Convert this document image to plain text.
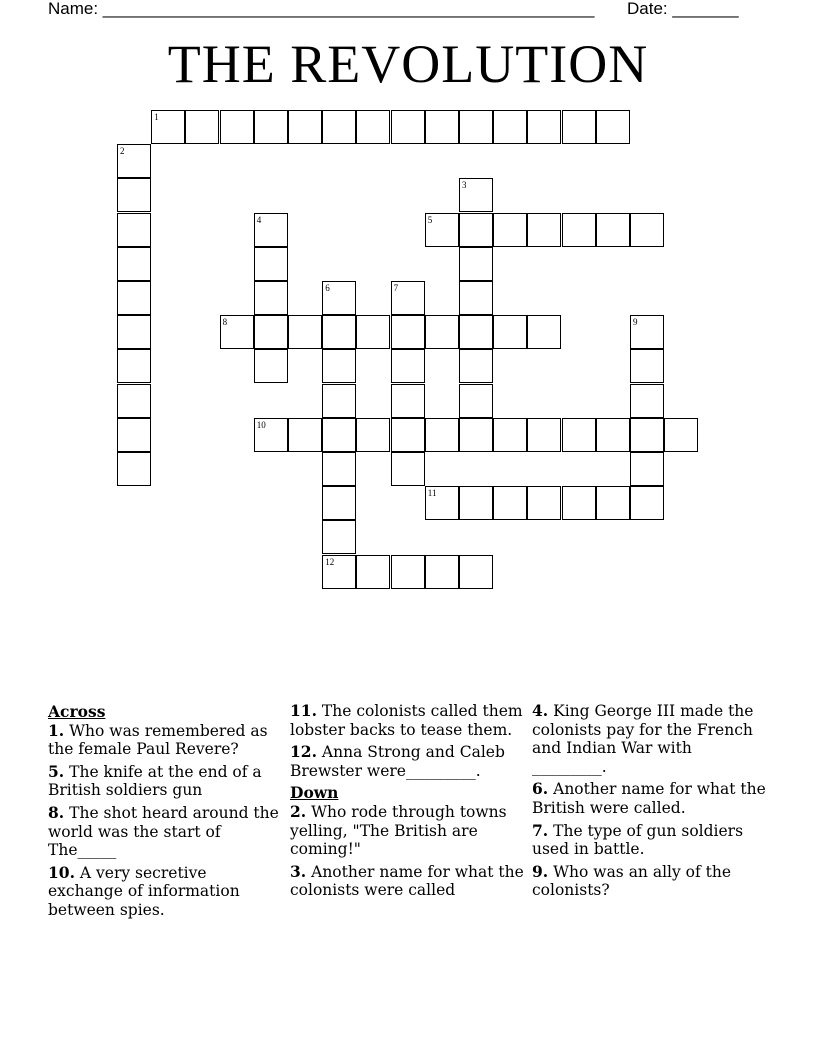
Name: ____________________________________________________ Date: _______
THE REVOLUTION
1
2
3
4	5
6
12
7
8	9
10
11
Across
1. Who was remembered as the female Paul Revere?
5. The knife at the end of a British soldiers gun
8. The shot heard around the world was the start of The_____
10. A very secretive exchange of information between spies.
11. The colonists called them lobster backs to tease them.
12. Anna Strong and Caleb Brewster were_________.
Down
2. Who rode through towns yelling, "The British are coming!"
3. Another name for what the colonists were called
4. King George III made the colonists pay for the French and Indian War with _________.
6. Another name for what the British were called.
7. The type of gun soldiers used in battle.
9. Who was an ally of the colonists?
